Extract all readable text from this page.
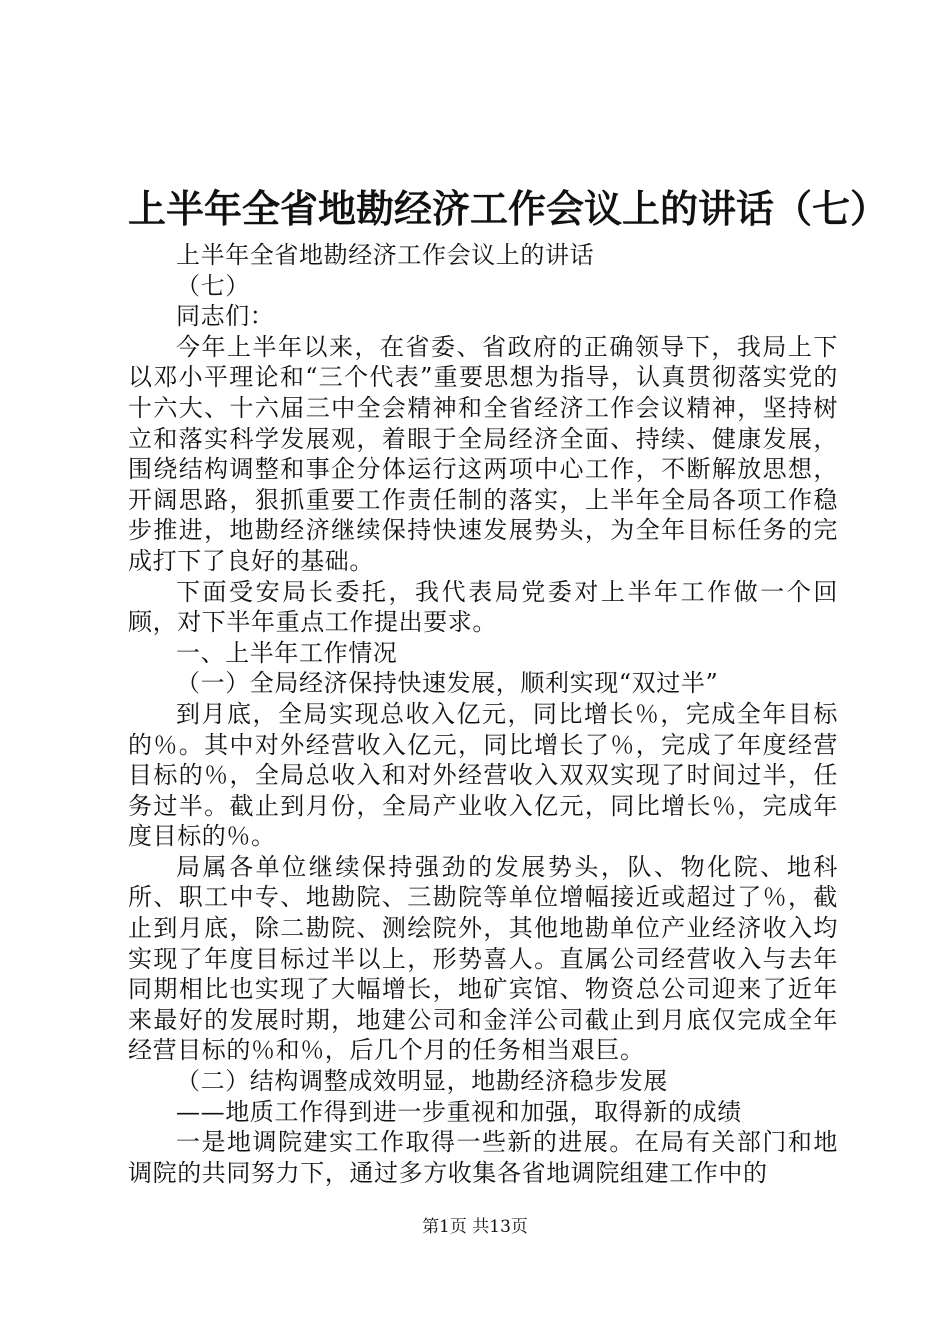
上半年全省地勘经济工作会议上的讲话（七）

上半年全省地勘经济工作会议上的讲话

（七）

同志们：

今年上半年以来，在省委、省政府的正确领导下，我局上下以邓小平理论和“三个代表”重要思想为指导，认真贯彻落实党的十六大、十六届三中全会精神和全省经济工作会议精神，坚持树立和落实科学发展观，着眼于全局经济全面、持续、健康发展，围绕结构调整和事企分体运行这两项中心工作，不断解放思想，开阔思路，狠抓重要工作责任制的落实，上半年全局各项工作稳步推进，地勘经济继续保持快速发展势头，为全年目标任务的完成打下了良好的基础。

下面受安局长委托，我代表局党委对上半年工作做一个回顾，对下半年重点工作提出要求。

一、上半年工作情况

（一）全局经济保持快速发展，顺利实现“双过半”

到月底，全局实现总收入亿元，同比增长％，完成全年目标的％。其中对外经营收入亿元，同比增长了％，完成了年度经营目标的％，全局总收入和对外经营收入双双实现了时间过半，任务过半。截止到月份，全局产业收入亿元，同比增长％，完成年度目标的％。

局属各单位继续保持强劲的发展势头，队、物化院、地科所、职工中专、地勘院、三勘院等单位增幅接近或超过了％，截止到月底，除二勘院、测绘院外，其他地勘单位产业经济收入均实现了年度目标过半以上，形势喜人。直属公司经营收入与去年同期相比也实现了大幅增长，地矿宾馆、物资总公司迎来了近年来最好的发展时期，地建公司和金洋公司截止到月底仅完成全年经营目标的％和％，后几个月的任务相当艰巨。

（二）结构调整成效明显，地勘经济稳步发展

——地质工作得到进一步重视和加强，取得新的成绩

一是地调院建实工作取得一些新的进展。在局有关部门和地调院的共同努力下，通过多方收集各省地调院组建工作中的

第1页 共13页
